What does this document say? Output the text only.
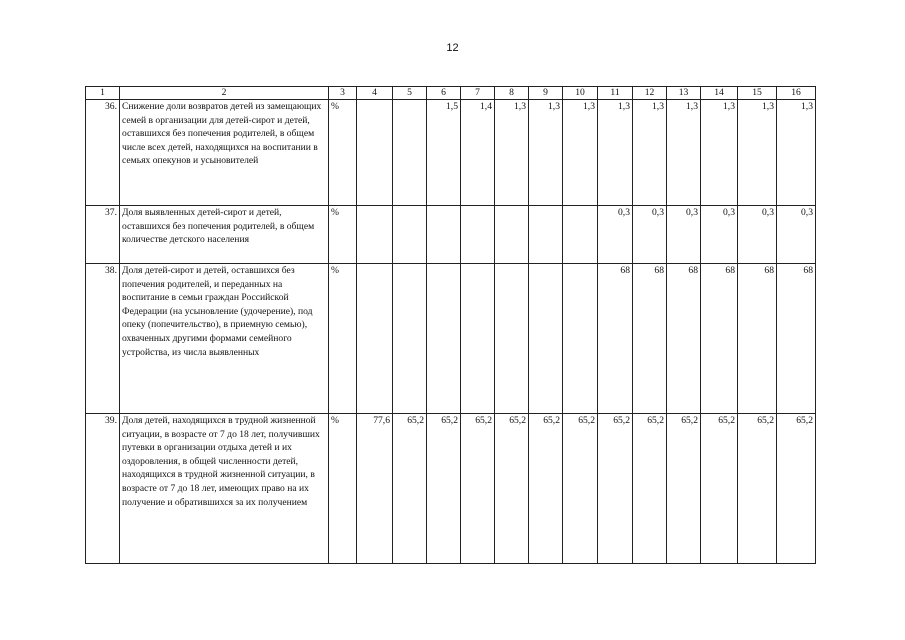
12
1	2	3	4	5	6	7	8	9	10	11	12	13	14	15	16
36.	Снижение доли возвратов детей из замещающих семей в организации для детей-сирот и детей, оставшихся без попечения родителей, в общем числе всех детей, находящихся на воспитании в семьях опекунов и усыновителей	%			1,5	1,4	1,3	1,3	1,3	1,3	1,3	1,3	1,3	1,3	1,3
37.	Доля выявленных детей-сирот и детей, оставшихся без попечения родителей, в общем количестве детского населения	%								0,3	0,3	0,3	0,3	0,3	0,3
38.	Доля детей-сирот и детей, оставшихся без попечения родителей, и переданных на воспитание в семьи граждан Российской Федерации (на усыновление (удочерение), под опеку (попечительство), в приемную семью), охваченных другими формами семейного устройства, из числа выявленных	%								68	68	68	68	68	68
39.	Доля детей, находящихся в трудной жизненной ситуации, в возрасте от 7 до 18 лет, получивших путевки в организации отдыха детей и их оздоровления, в общей численности детей, находящихся в трудной жизненной ситуации, в возрасте от 7 до 18 лет, имеющих право на их получение и обратившихся за их получением	%	77,6	65,2	65,2	65,2	65,2	65,2	65,2	65,2	65,2	65,2	65,2	65,2	65,2
